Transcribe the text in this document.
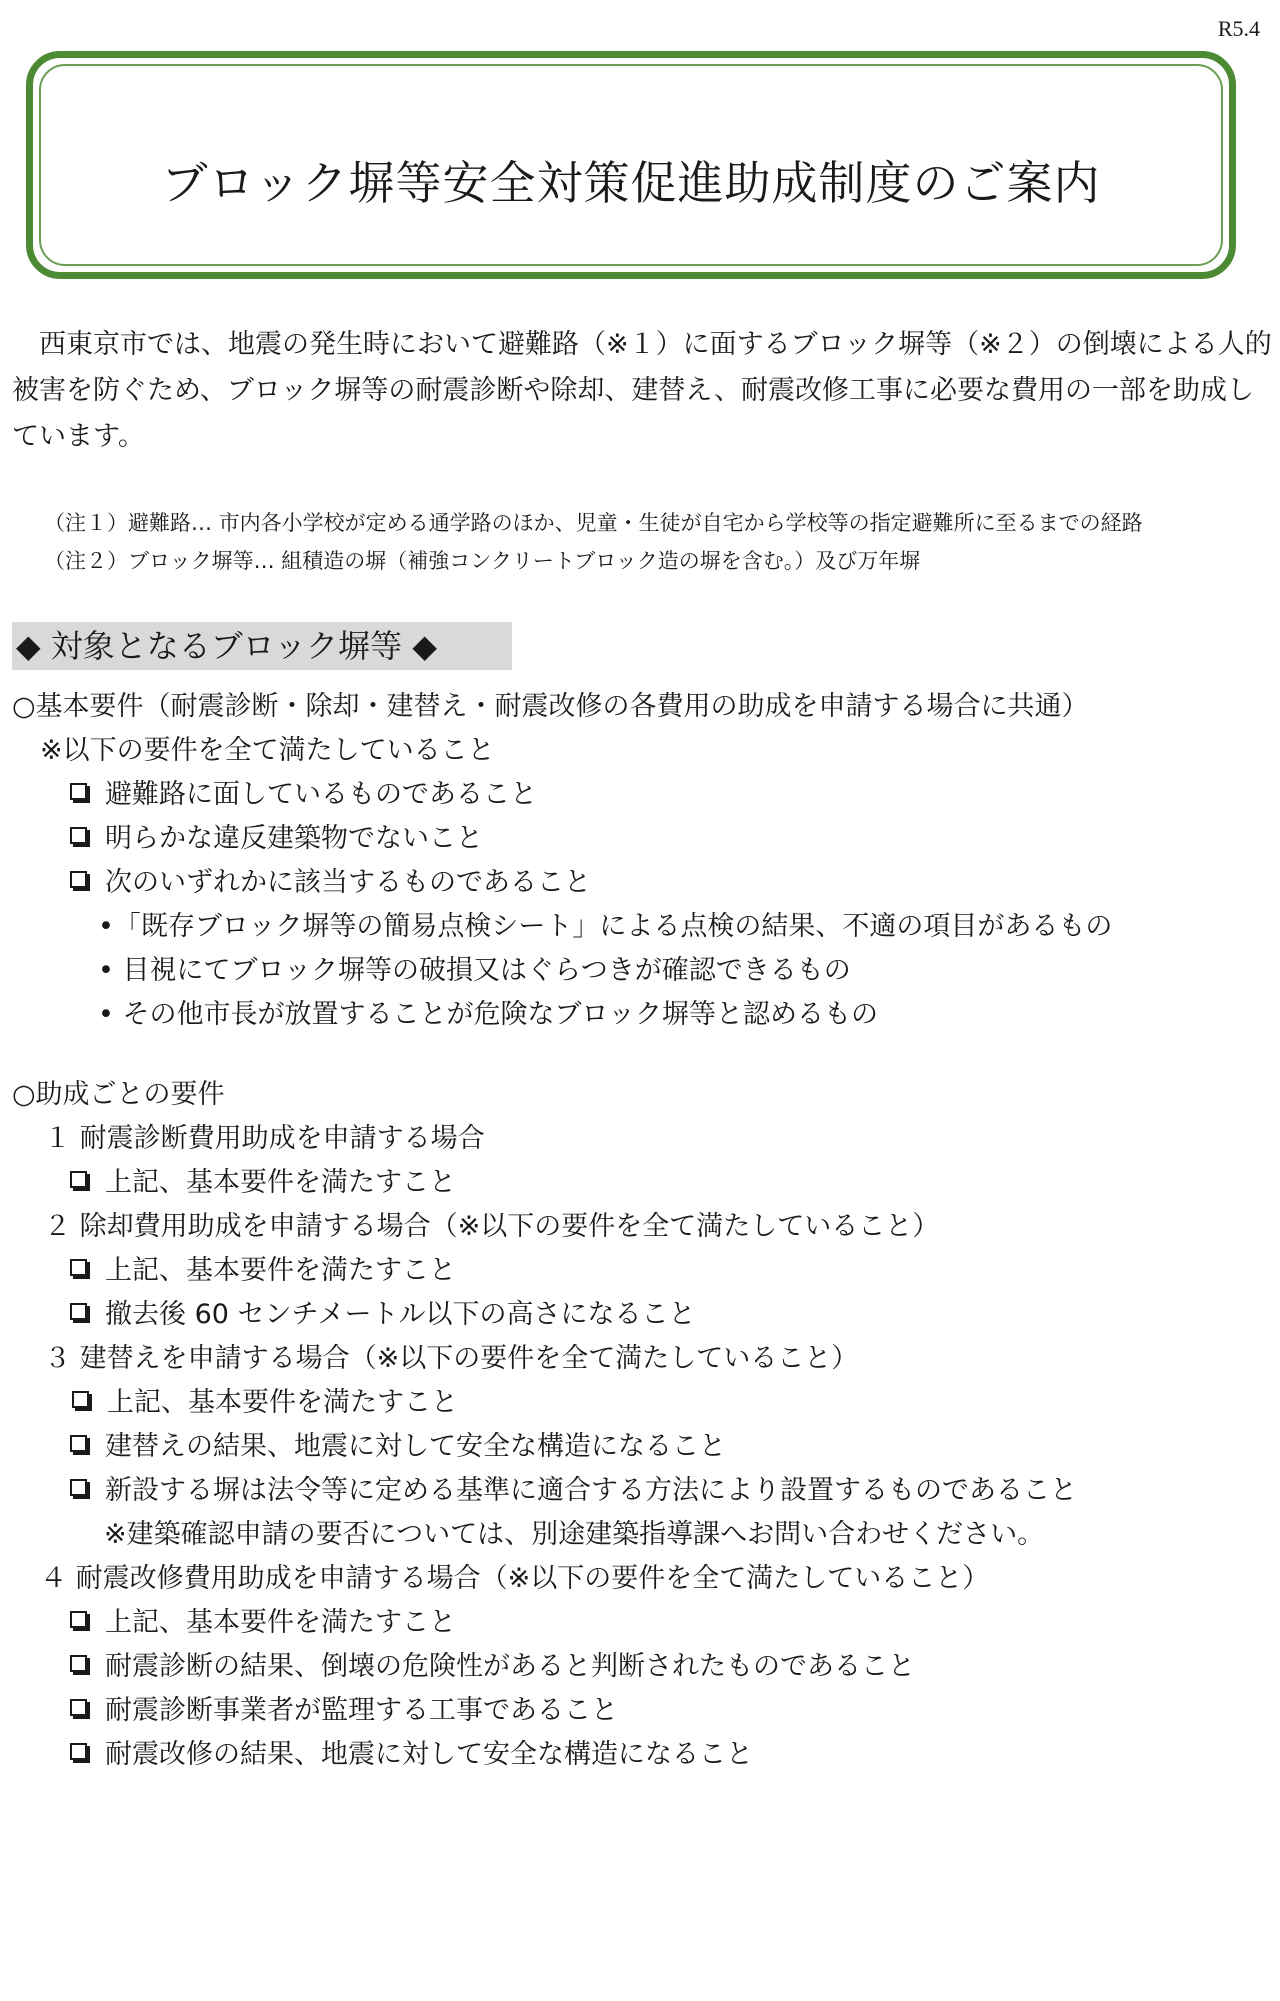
R5.4
ブロック塀等安全対策促進助成制度のご案内
　西東京市では、地震の発生時において避難路（※１）に面するブロック塀等（※２）の倒壊による人的被害を防ぐため、ブロック塀等の耐震診断や除却、建替え、耐震改修工事に必要な費用の一部を助成しています。
（注１）避難路… 市内各小学校が定める通学路のほか、児童・生徒が自宅から学校等の指定避難所に至るまでの経路
（注２）ブロック塀等… 組積造の塀（補強コンクリートブロック造の塀を含む。）及び万年塀
◆ 対象となるブロック塀等 ◆
○基本要件（耐震診断・除却・建替え・耐震改修の各費用の助成を申請する場合に共通）
※以下の要件を全て満たしていること
避難路に面しているものであること
明らかな違反建築物でないこと
次のいずれかに該当するものであること
•「既存ブロック塀等の簡易点検シート」による点検の結果、不適の項目があるもの
• 目視にてブロック塀等の破損又はぐらつきが確認できるもの
• その他市長が放置することが危険なブロック塀等と認めるもの
○助成ごとの要件
１ 耐震診断費用助成を申請する場合
上記、基本要件を満たすこと
２ 除却費用助成を申請する場合（※以下の要件を全て満たしていること）
上記、基本要件を満たすこと
撤去後 60 センチメートル以下の高さになること
３ 建替えを申請する場合（※以下の要件を全て満たしていること）
上記、基本要件を満たすこと
建替えの結果、地震に対して安全な構造になること
新設する塀は法令等に定める基準に適合する方法により設置するものであること
※建築確認申請の要否については、別途建築指導課へお問い合わせください。
４ 耐震改修費用助成を申請する場合（※以下の要件を全て満たしていること）
上記、基本要件を満たすこと
耐震診断の結果、倒壊の危険性があると判断されたものであること
耐震診断事業者が監理する工事であること
耐震改修の結果、地震に対して安全な構造になること
